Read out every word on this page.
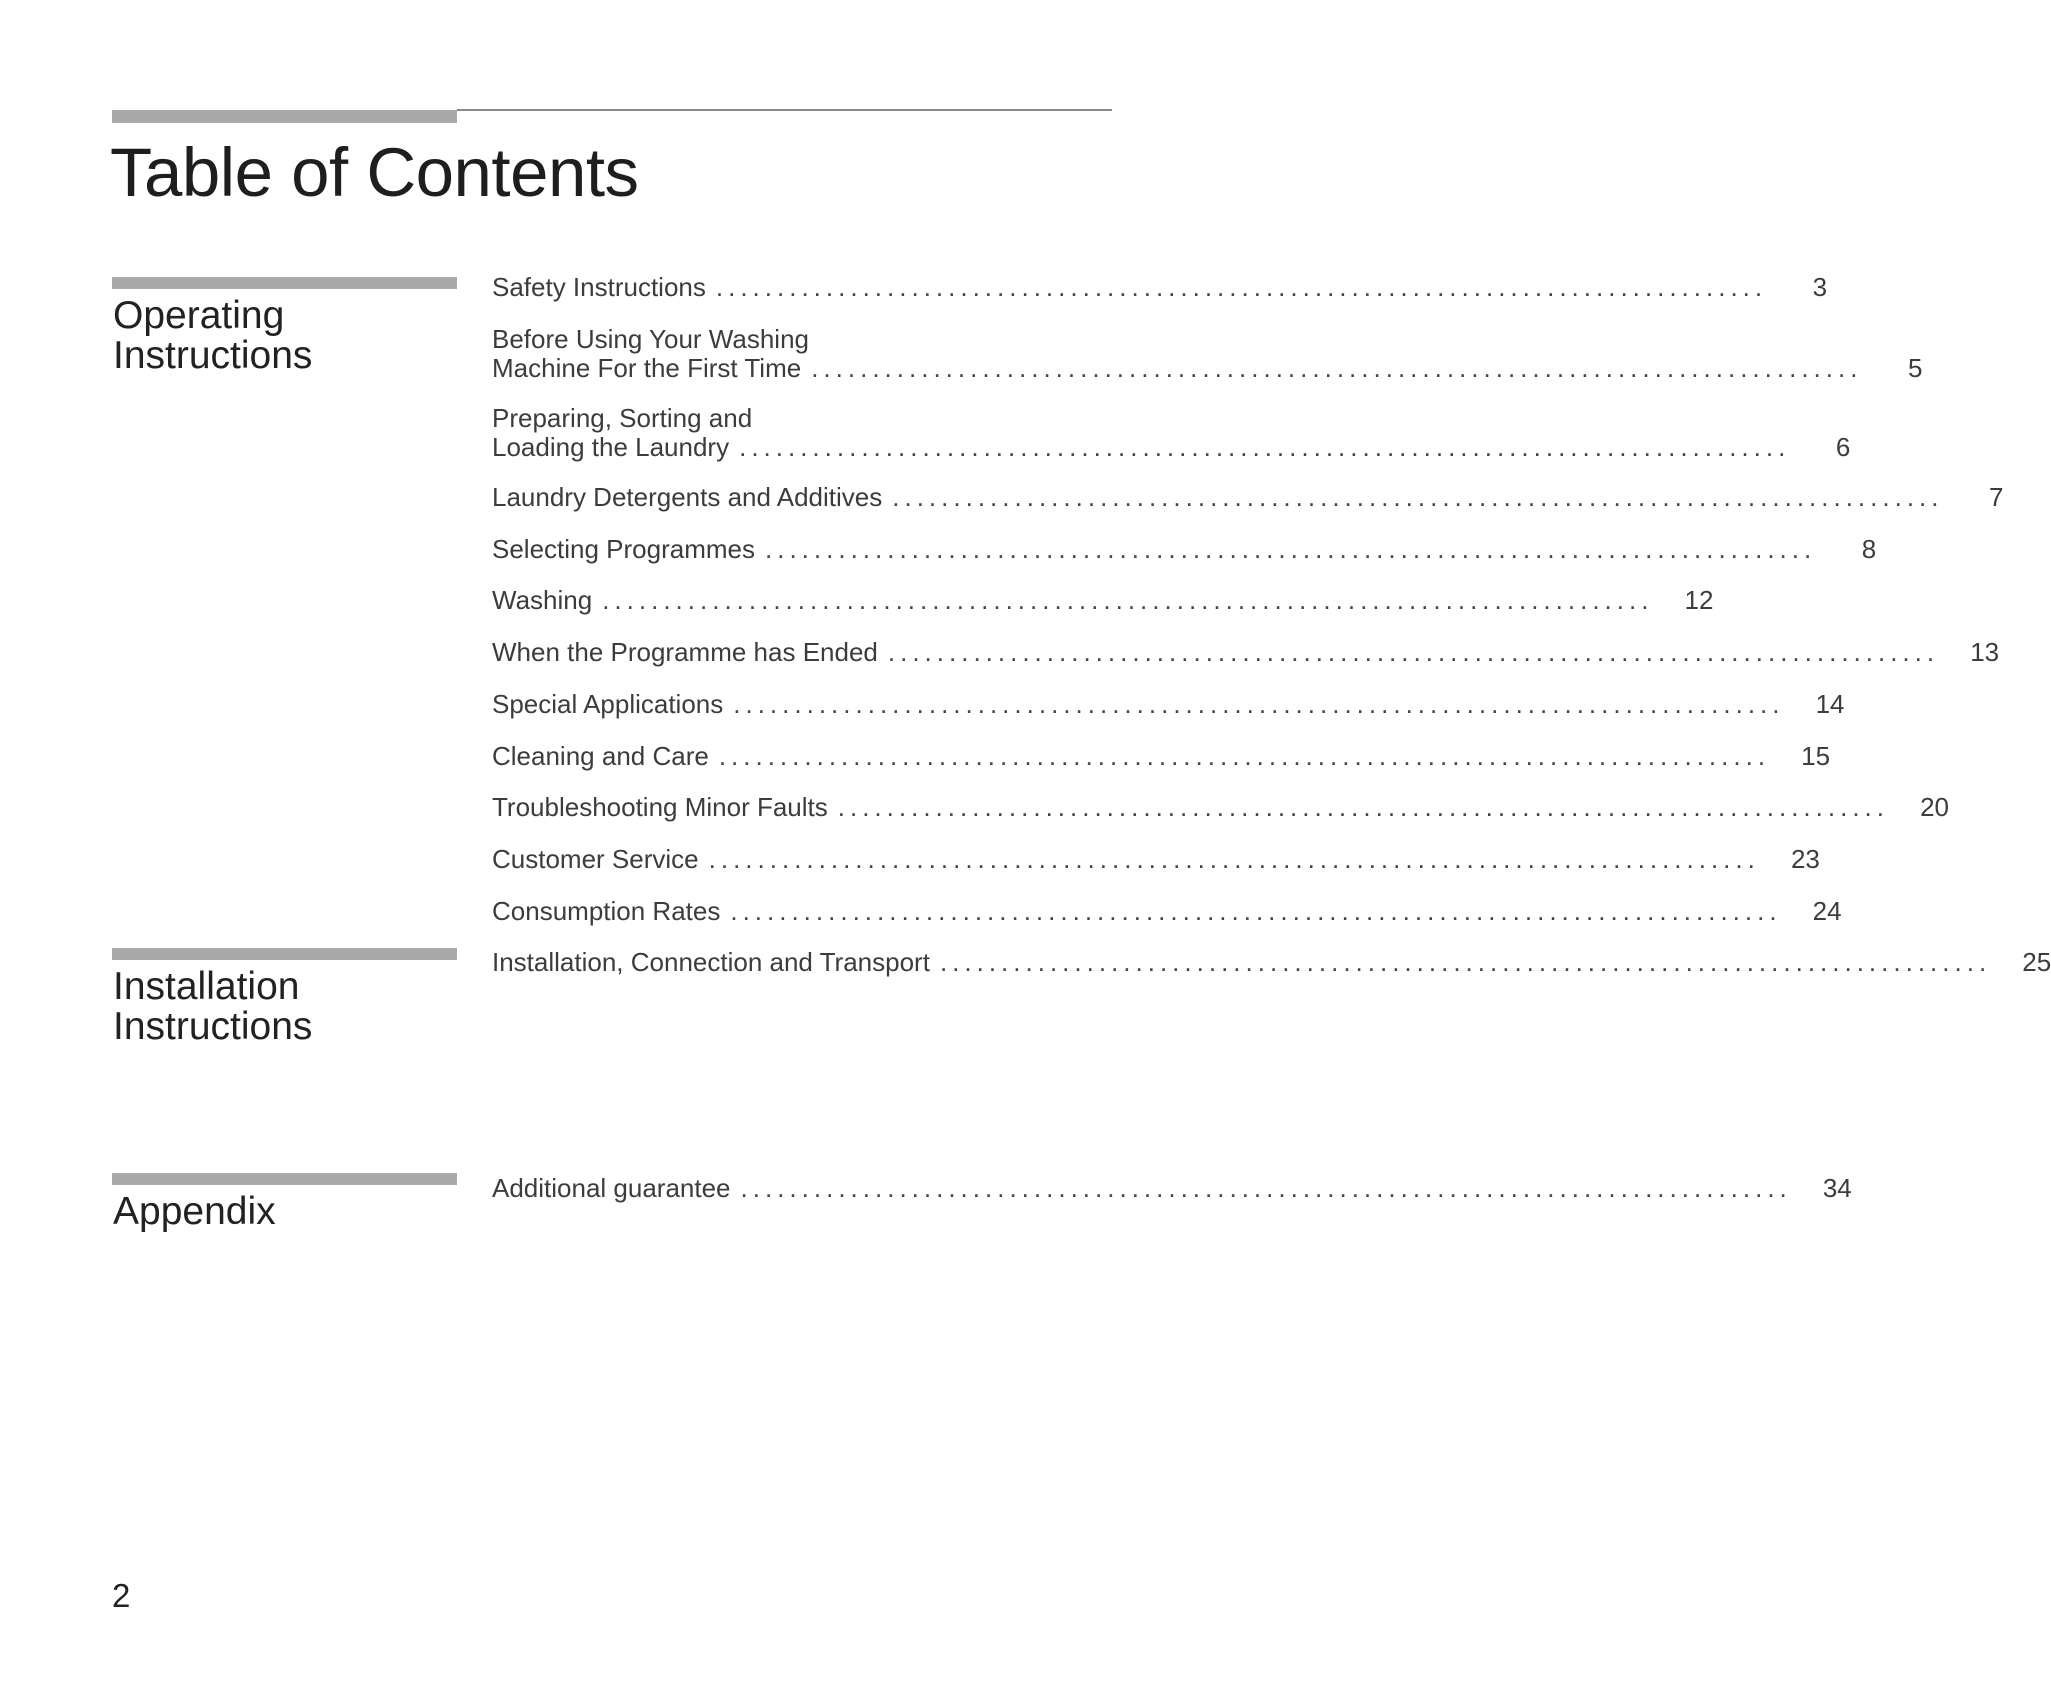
Table of Contents
Operating
Instructions
Installation
Instructions
Appendix
Safety Instructions ......................................................................................	3
Before Using Your Washing
Machine For the First Time ......................................................................................	5
Preparing, Sorting and
Loading the Laundry ......................................................................................	6
Laundry Detergents and Additives ......................................................................................	7
Selecting Programmes ......................................................................................	8
Washing ......................................................................................	12
When the Programme has Ended ......................................................................................	13
Special Applications ......................................................................................	14
Cleaning and Care ......................................................................................	15
Troubleshooting Minor Faults ......................................................................................	20
Customer Service ......................................................................................	23
Consumption Rates ......................................................................................	24
Installation, Connection and Transport ......................................................................................	25
Additional guarantee ......................................................................................	34
2
